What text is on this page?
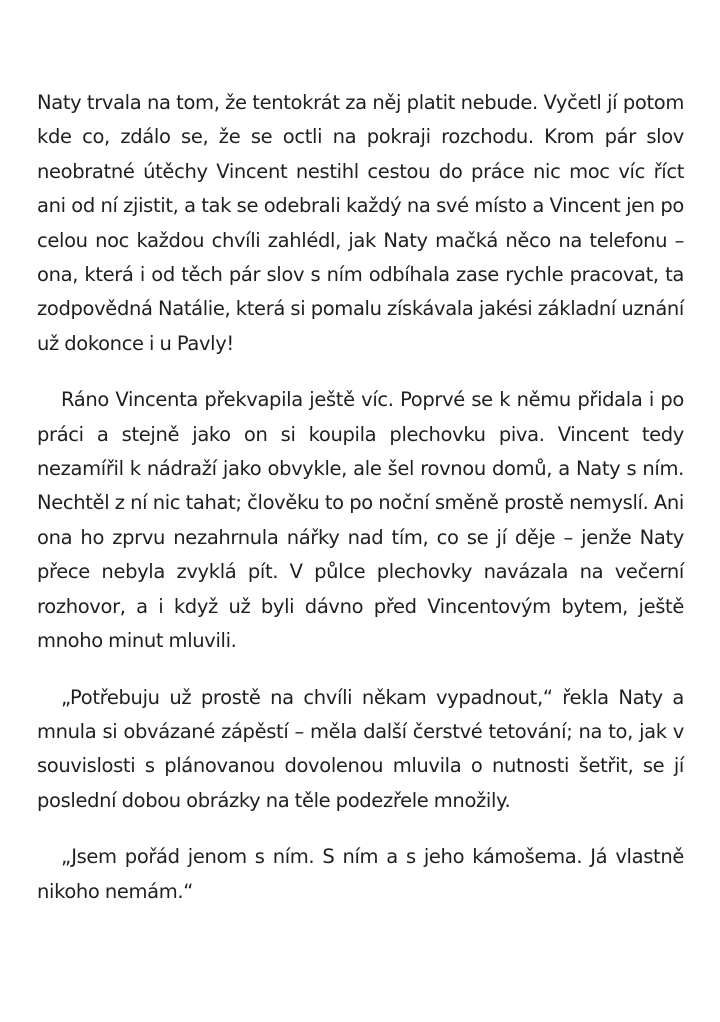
Naty trvala na tom, že tentokrát za něj platit nebude. Vyčetl jí potom kde co, zdálo se, že se octli na pokraji rozchodu. Krom pár slov neobratné útěchy Vincent nestihl cestou do práce nic moc víc říct ani od ní zjistit, a tak se odebrali každý na své místo a Vincent jen po celou noc každou chvíli zahlédl, jak Naty mačká něco na telefonu – ona, která i od těch pár slov s ním odbíhala zase rychle pracovat, ta zodpovědná Natálie, která si pomalu získávala jakési základní uznání už dokonce i u Pavly!

Ráno Vincenta překvapila ještě víc. Poprvé se k němu přidala i po práci a stejně jako on si koupila plechovku piva. Vincent tedy nezamířil k nádraží jako obvykle, ale šel rovnou domů, a Naty s ním. Nechtěl z ní nic tahat; člověku to po noční směně prostě nemyslí. Ani ona ho zprvu nezahrnula nářky nad tím, co se jí děje – jenže Naty přece nebyla zvyklá pít. V půlce plechovky navázala na večerní rozhovor, a i když už byli dávno před Vincentovým bytem, ještě mnoho minut mluvili.

„Potřebuju už prostě na chvíli někam vypadnout,“ řekla Naty a mnula si obvázané zápěstí – měla další čerstvé tetování; na to, jak v souvislosti s plánovanou dovolenou mluvila o nutnosti šetřit, se jí poslední dobou obrázky na těle podezřele množily.

„Jsem pořád jenom s ním. S ním a s jeho kámošema. Já vlastně nikoho nemám.“
